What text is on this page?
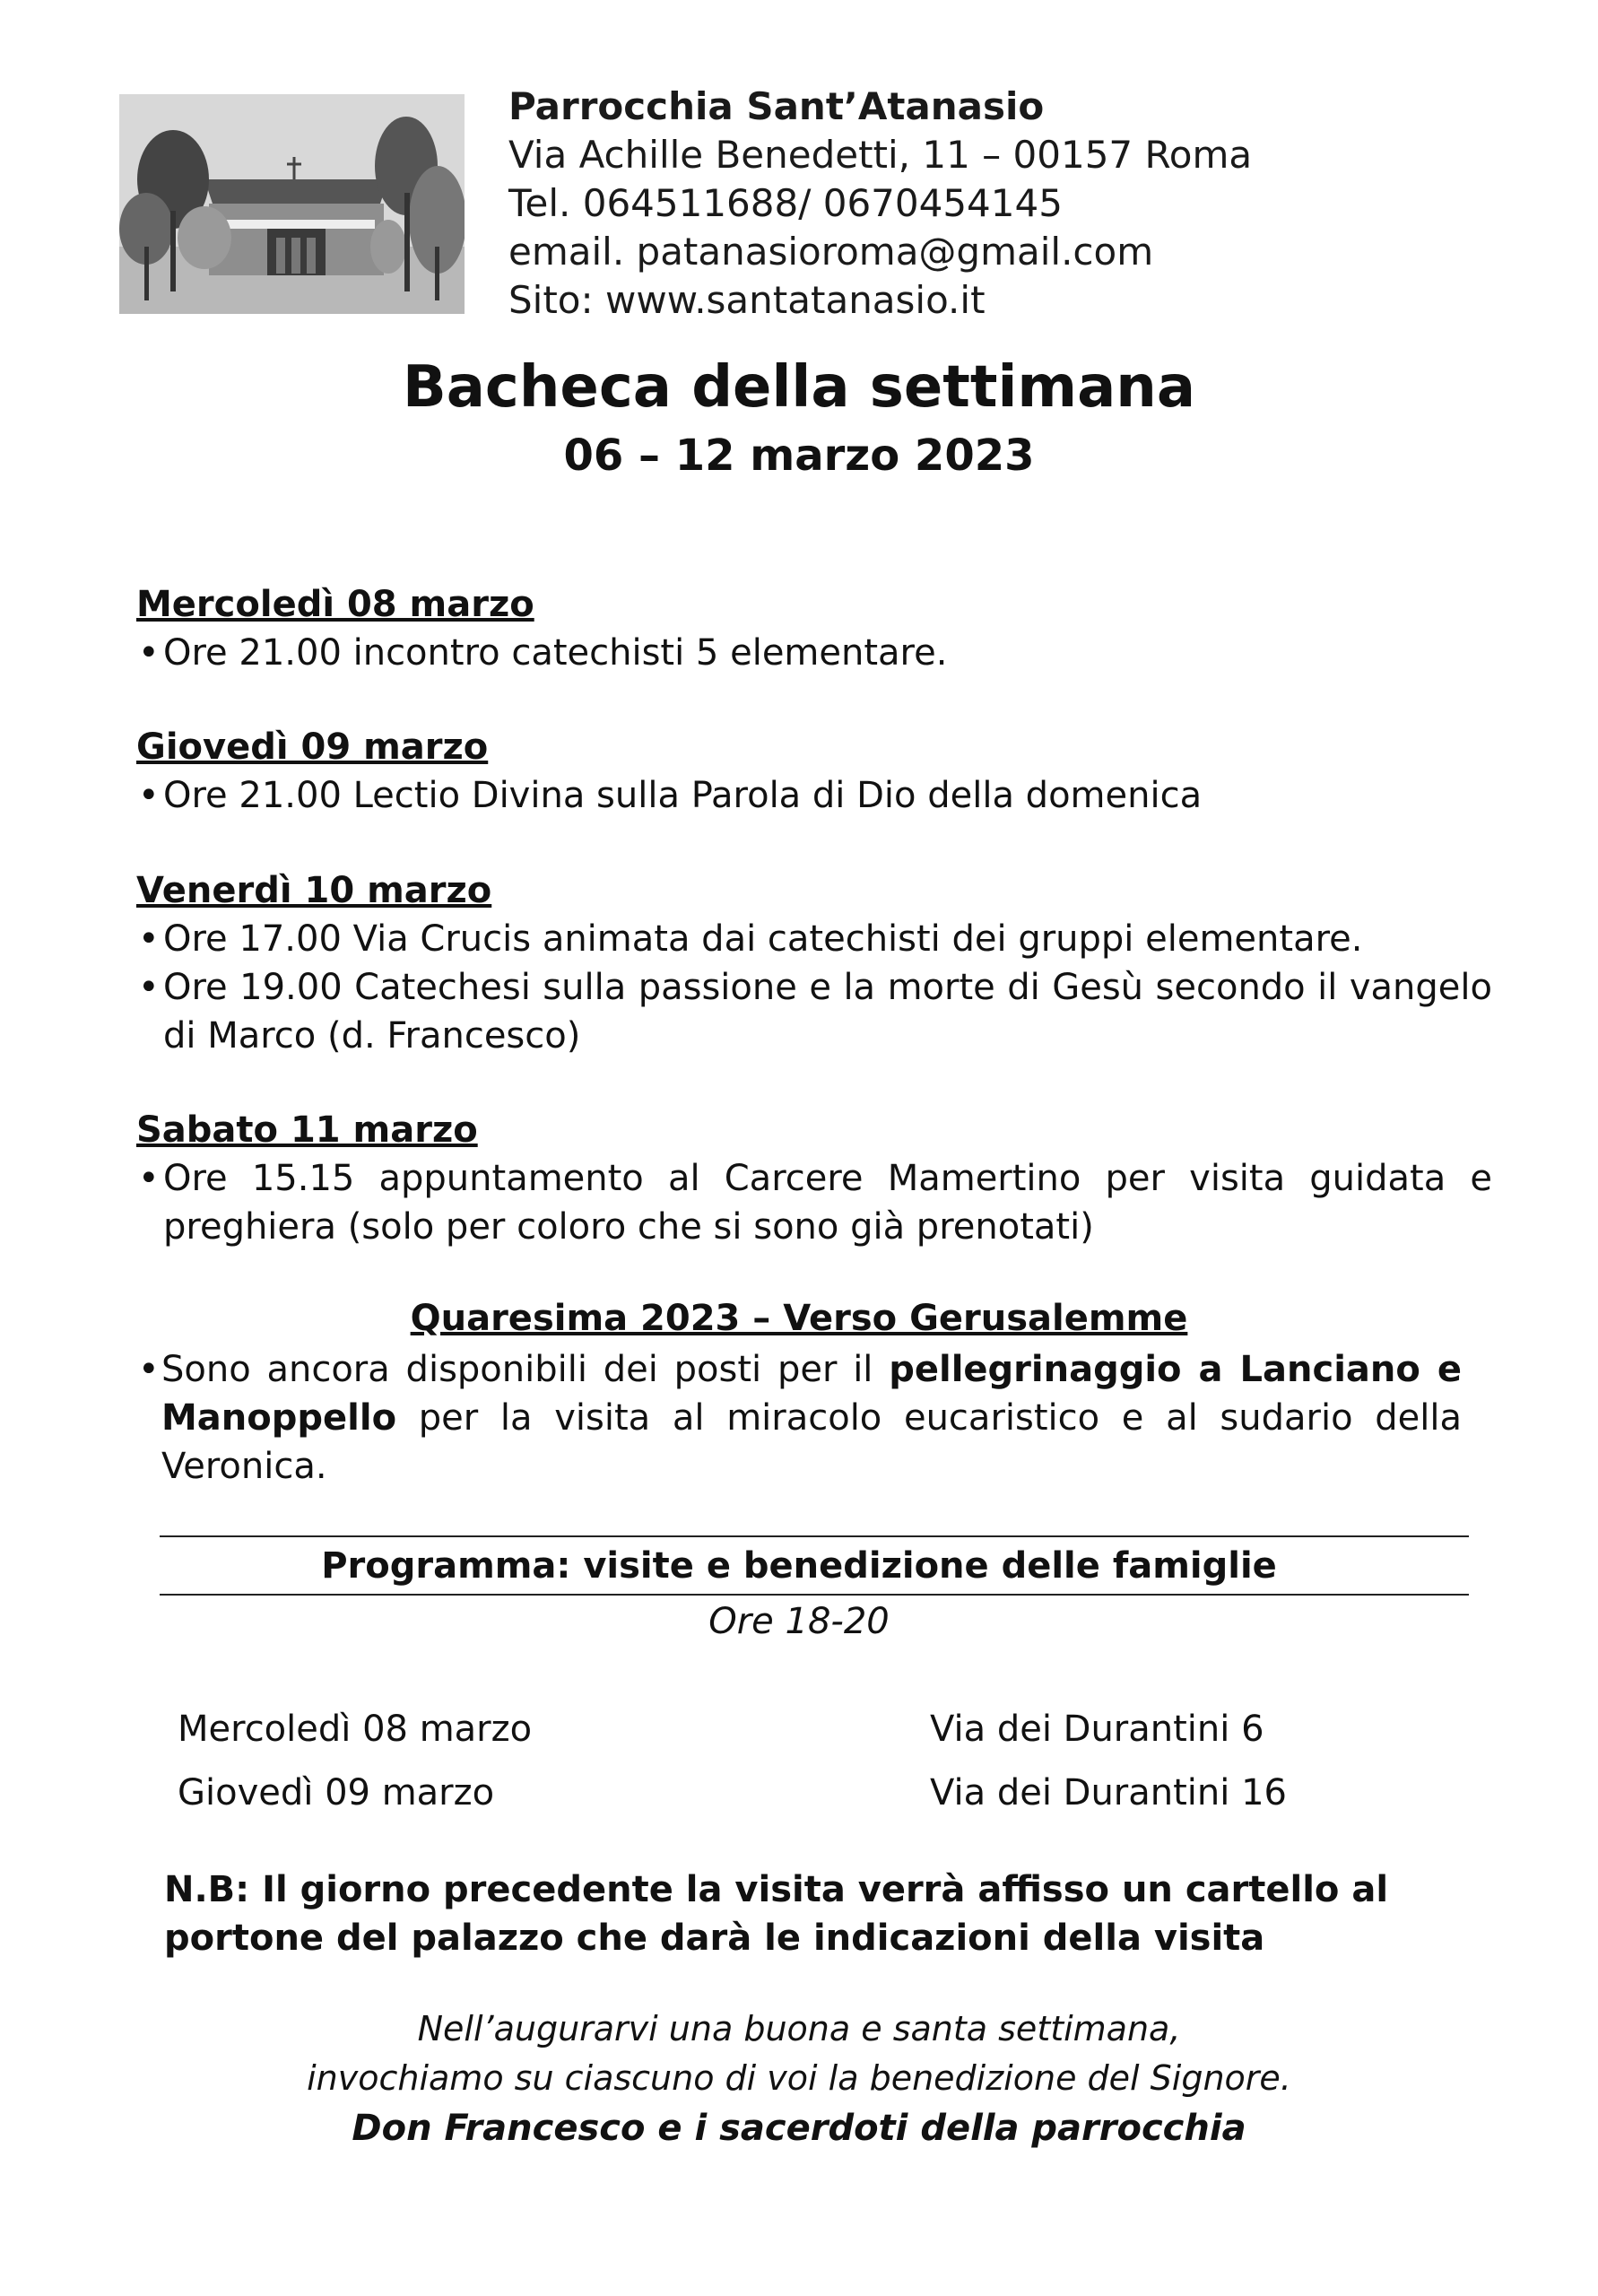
Parrocchia Sant’Atanasio
Via Achille Benedetti, 11 – 00157 Roma
Tel. 064511688/ 0670454145
email. patanasioroma@gmail.com
Sito: www.santatanasio.it
Bacheca della settimana
06 – 12 marzo 2023
Mercoledì 08 marzo
• Ore 21.00 incontro catechisti 5 elementare.
Giovedì 09 marzo
• Ore 21.00 Lectio Divina sulla Parola di Dio della domenica
Venerdì 10 marzo
• Ore 17.00 Via Crucis animata dai catechisti dei gruppi elementare.
• Ore 19.00 Catechesi sulla passione e la morte di Gesù secondo il vangelo di Marco (d. Francesco)
Sabato 11 marzo
• Ore 15.15 appuntamento al Carcere Mamertino per visita guidata e preghiera (solo per coloro che si sono già prenotati)
Quaresima 2023 – Verso Gerusalemme
• Sono ancora disponibili dei posti per il pellegrinaggio a Lanciano e Manoppello per la visita al miracolo eucaristico e al sudario della Veronica.
Programma: visite e benedizione delle famiglie
Ore 18-20
Mercoledì 08 marzo	Via dei Durantini 6
Giovedì 09 marzo	Via dei Durantini 16
N.B: Il giorno precedente la visita verrà affisso un cartello al portone del palazzo che darà le indicazioni della visita
Nell’augurarvi una buona e santa settimana,
invochiamo su ciascuno di voi la benedizione del Signore.
Don Francesco e i sacerdoti della parrocchia
